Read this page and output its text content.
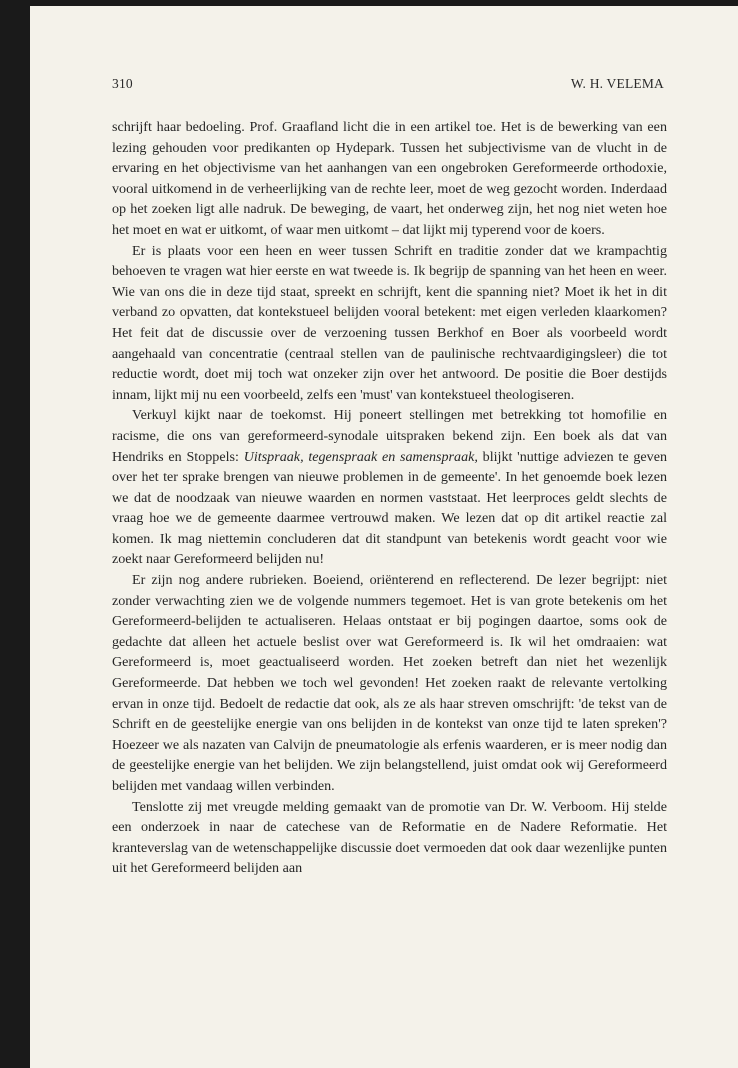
310	W. H. VELEMA

schrijft haar bedoeling. Prof. Graafland licht die in een artikel toe. Het is de bewerking van een lezing gehouden voor predikanten op Hydepark. Tussen het subjectivisme van de vlucht in de ervaring en het objectivisme van het aanhangen van een ongebroken Gereformeerde orthodoxie, vooral uitkomend in de verheerlijking van de rechte leer, moet de weg gezocht worden. Inderdaad op het zoeken ligt alle nadruk. De beweging, de vaart, het onderweg zijn, het nog niet weten hoe het moet en wat er uitkomt, of waar men uitkomt – dat lijkt mij typerend voor de koers.

Er is plaats voor een heen en weer tussen Schrift en traditie zonder dat we krampachtig behoeven te vragen wat hier eerste en wat tweede is. Ik begrijp de spanning van het heen en weer. Wie van ons die in deze tijd staat, spreekt en schrijft, kent die spanning niet? Moet ik het in dit verband zo opvatten, dat kontekstueel belijden vooral betekent: met eigen verleden klaarkomen? Het feit dat de discussie over de verzoening tussen Berkhof en Boer als voorbeeld wordt aangehaald van concentratie (centraal stellen van de paulinische rechtvaardigingsleer) die tot reductie wordt, doet mij toch wat onzeker zijn over het antwoord. De positie die Boer destijds innam, lijkt mij nu een voorbeeld, zelfs een 'must' van kontekstueel theologiseren.

Verkuyl kijkt naar de toekomst. Hij poneert stellingen met betrekking tot homofilie en racisme, die ons van gereformeerd-synodale uitspraken bekend zijn. Een boek als dat van Hendriks en Stoppels: Uitspraak, tegenspraak en samenspraak, blijkt 'nuttige adviezen te geven over het ter sprake brengen van nieuwe problemen in de gemeente'. In het genoemde boek lezen we dat de noodzaak van nieuwe waarden en normen vaststaat. Het leerproces geldt slechts de vraag hoe we de gemeente daarmee vertrouwd maken. We lezen dat op dit artikel reactie zal komen. Ik mag niettemin concluderen dat dit standpunt van betekenis wordt geacht voor wie zoekt naar Gereformeerd belijden nu!

Er zijn nog andere rubrieken. Boeiend, oriënterend en reflecterend. De lezer begrijpt: niet zonder verwachting zien we de volgende nummers tegemoet. Het is van grote betekenis om het Gereformeerd-belijden te actualiseren. Helaas ontstaat er bij pogingen daartoe, soms ook de gedachte dat alleen het actuele beslist over wat Gereformeerd is. Ik wil het omdraaien: wat Gereformeerd is, moet geactualiseerd worden. Het zoeken betreft dan niet het wezenlijk Gereformeerde. Dat hebben we toch wel gevonden! Het zoeken raakt de relevante vertolking ervan in onze tijd. Bedoelt de redactie dat ook, als ze als haar streven omschrijft: 'de tekst van de Schrift en de geestelijke energie van ons belijden in de kontekst van onze tijd te laten spreken'? Hoezeer we als nazaten van Calvijn de pneumatologie als erfenis waarderen, er is meer nodig dan de geestelijke energie van het belijden. We zijn belangstellend, juist omdat ook wij Gereformeerd belijden met vandaag willen verbinden.

Tenslotte zij met vreugde melding gemaakt van de promotie van Dr. W. Verboom. Hij stelde een onderzoek in naar de catechese van de Reformatie en de Nadere Reformatie. Het kranteverslag van de wetenschappelijke discussie doet vermoeden dat ook daar wezenlijke punten uit het Gereformeerd belijden aan
